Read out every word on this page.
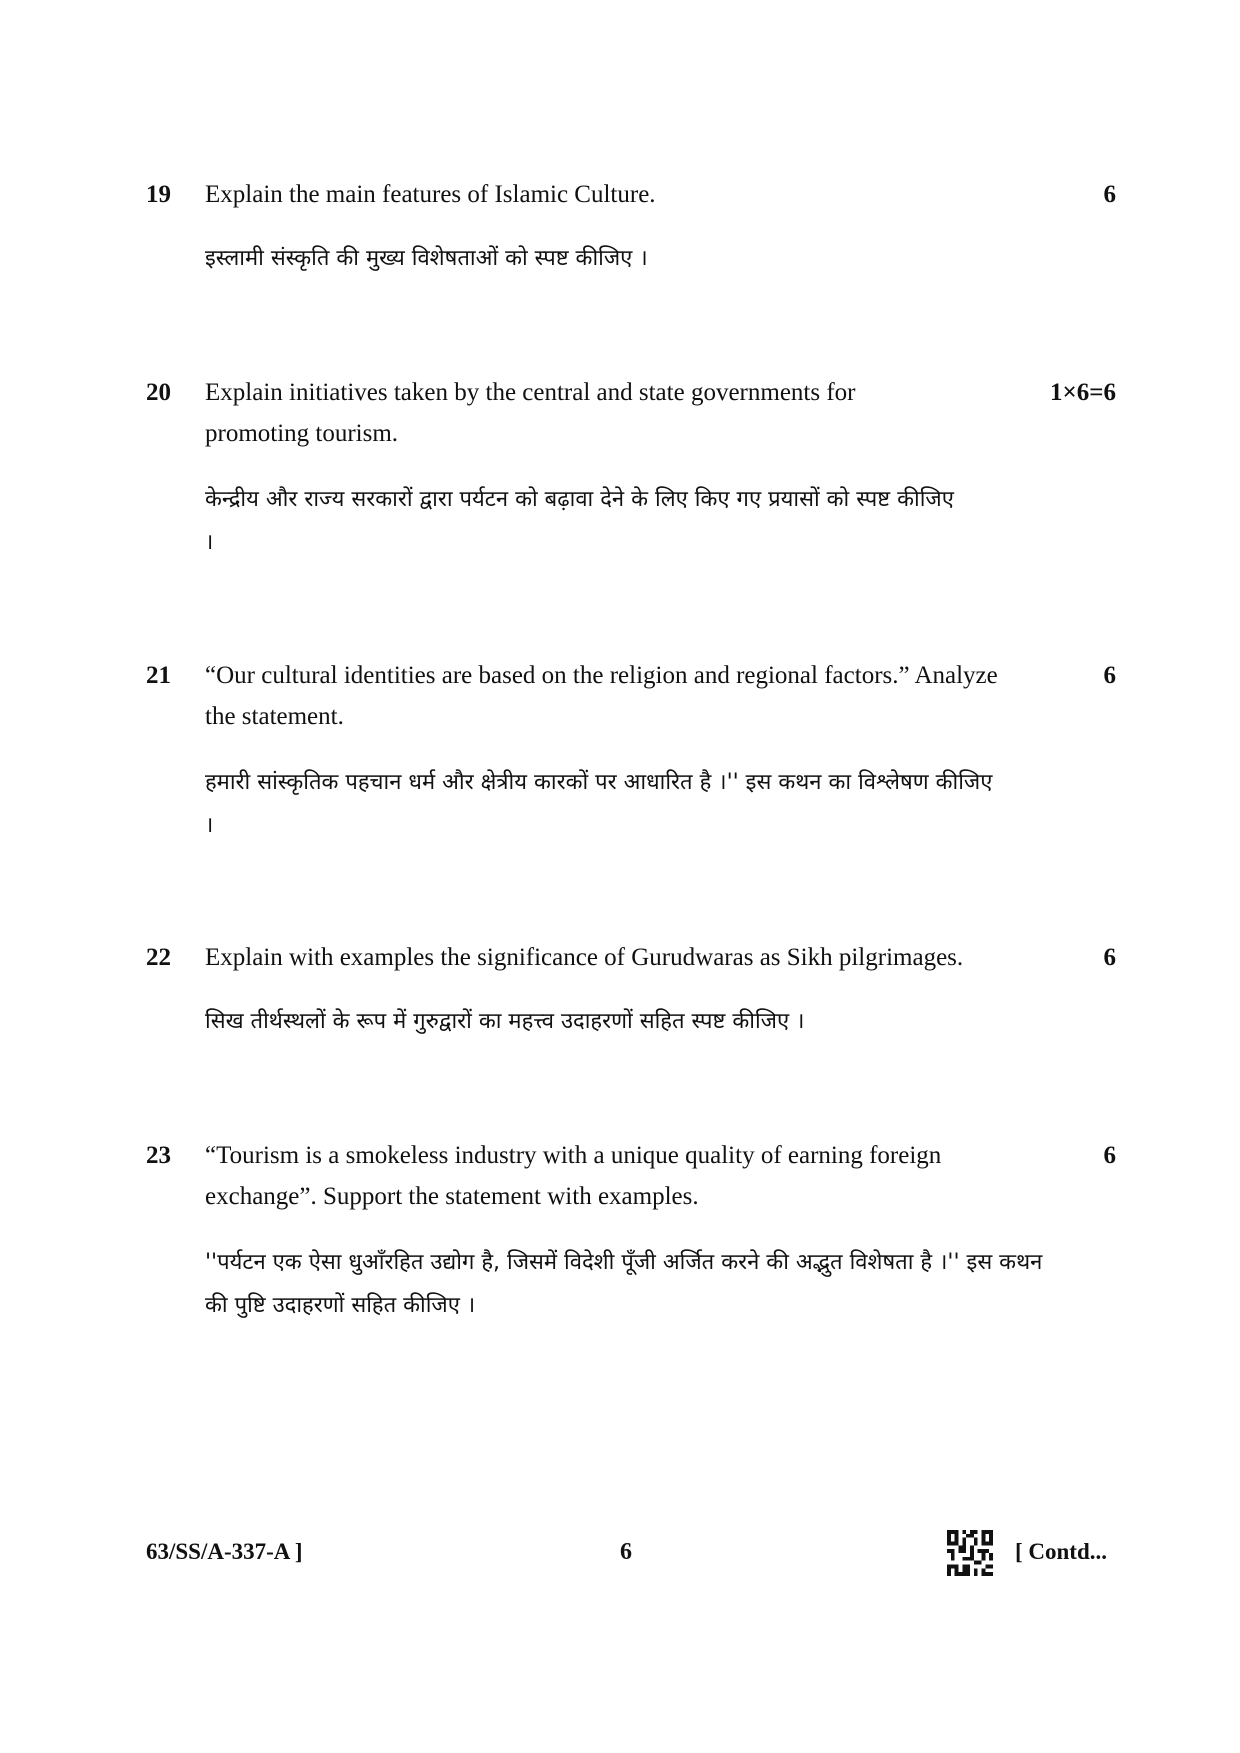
19 Explain the main features of Islamic Culture.	6
इस्लामी संस्कृति की मुख्य विशेषताओं को स्पष्ट कीजिए ।
20 Explain initiatives taken by the central and state governments for promoting tourism.
1×6=6
केन्द्रीय और राज्य सरकारों द्वारा पर्यटन को बढ़ावा देने के लिए किए गए प्रयासों को स्पष्ट कीजिए ।
21 “Our cultural identities are based on the religion and regional factors.” Analyze the statement.
6
हमारी सांस्कृतिक पहचान धर्म और क्षेत्रीय कारकों पर आधारित है ।'' इस कथन का विश्लेषण कीजिए ।
22 Explain with examples the significance of Gurudwaras as Sikh pilgrimages.	6
सिख तीर्थस्थलों के रूप में गुरुद्वारों का महत्त्व उदाहरणों सहित स्पष्ट कीजिए ।
23 “Tourism is a smokeless industry with a unique quality of earning foreign exchange”. Support the statement with examples.
6
''पर्यटन एक ऐसा धुआँरहित उद्योग है, जिसमें विदेशी पूँजी अर्जित करने की अद्भुत विशेषता है ।'' इस कथन की पुष्टि उदाहरणों सहित कीजिए ।
63/SS/A-337-A ]	6	[ Contd...
